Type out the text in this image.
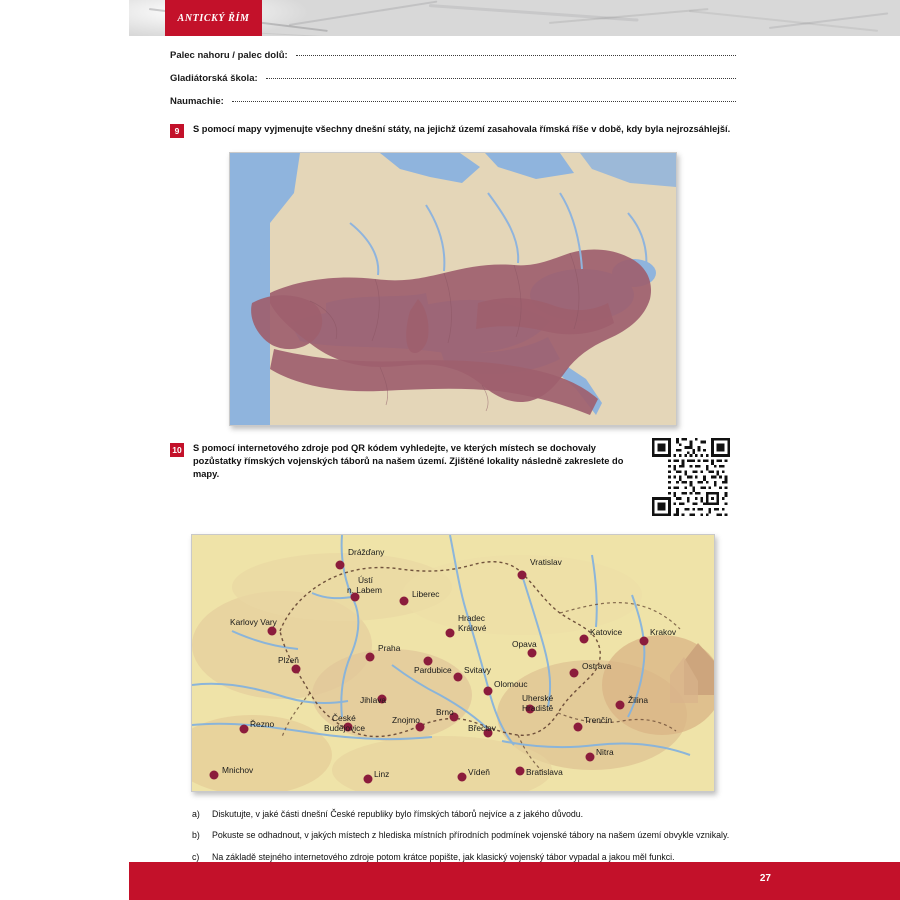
ANTICKÝ ŘÍM
Palec nahoru / palec dolů:
Gladiátorská škola:
Naumachie:
9	S pomocí mapy vyjmenujte všechny dnešní státy, na jejichž území zasahovala římská říše v době, kdy byla nejrozsáhlejší.
10 S pomocí internetového zdroje pod QR kódem vyhledejte, ve kterých místech se dochovaly pozůstatky římských vojenských táborů na našem území. Zjištěné lokality následně zakreslete do mapy.
Drážďany
Vratislav
Ústí
n. Labem	Liberec
Karlovy Vary	Hradec
Králové	Katovice	Krakov
Praha
Pardubice
Opava
Plzeň
Svitavy	Ostrava
Olomouc
Jihlava
Brno
Uherské
Hradiště
Žilina
České
Budějovice
Znojmo
Břeclav
Trenčín
Řezno
Nitra
Mnichov	Linz	Vídeň	Bratislava
a)	Diskutujte, v jaké části dnešní České republiky bylo římských táborů nejvíce a z jakého důvodu.
b)	Pokuste se odhadnout, v jakých místech z hlediska místních přírodních podmínek vojenské tábory na našem území obvykle vznikaly.
c)	Na základě stejného internetového zdroje potom krátce popište, jak klasický vojenský tábor vypadal a jakou měl funkci.
27
